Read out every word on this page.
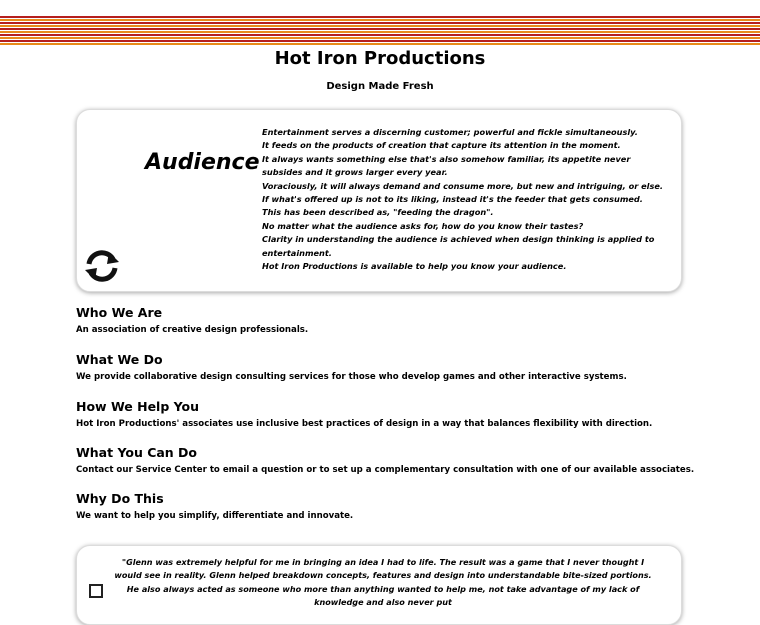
Hot Iron Productions
Design Made Fresh
Audience
Entertainment serves a discerning customer; powerful and fickle simultaneously.
It feeds on the products of creation that capture its attention in the moment.
It always wants something else that's also somehow familiar, its appetite never
subsides and it grows larger every year.
Voraciously, it will always demand and consume more, but new and intriguing, or else.
If what's offered up is not to its liking, instead it's the feeder that gets consumed.
This has been described as, "feeding the dragon".
No matter what the audience asks for, how do you know their tastes?
Clarity in understanding the audience is achieved when design thinking is applied to
entertainment.
Hot Iron Productions is available to help you know your audience.
Who We Are

An association of creative design professionals.

What We Do

We provide collaborative design consulting services for those who develop games and other interactive systems.

How We Help You

Hot Iron Productions' associates use inclusive best practices of design in a way that balances flexibility with direction.

What You Can Do

Contact our Service Center to email a question or to set up a complementary consultation with one of our available associates.

Why Do This

We want to help you simplify, differentiate and innovate.

"Glenn was extremely helpful for me in bringing an idea I had to life. The result was a game that I never thought I would see in reality. Glenn helped breakdown concepts, features and design into understandable bite-sized portions. He also always acted as someone who more than anything wanted to help me, not take advantage of my lack of knowledge and also never put
